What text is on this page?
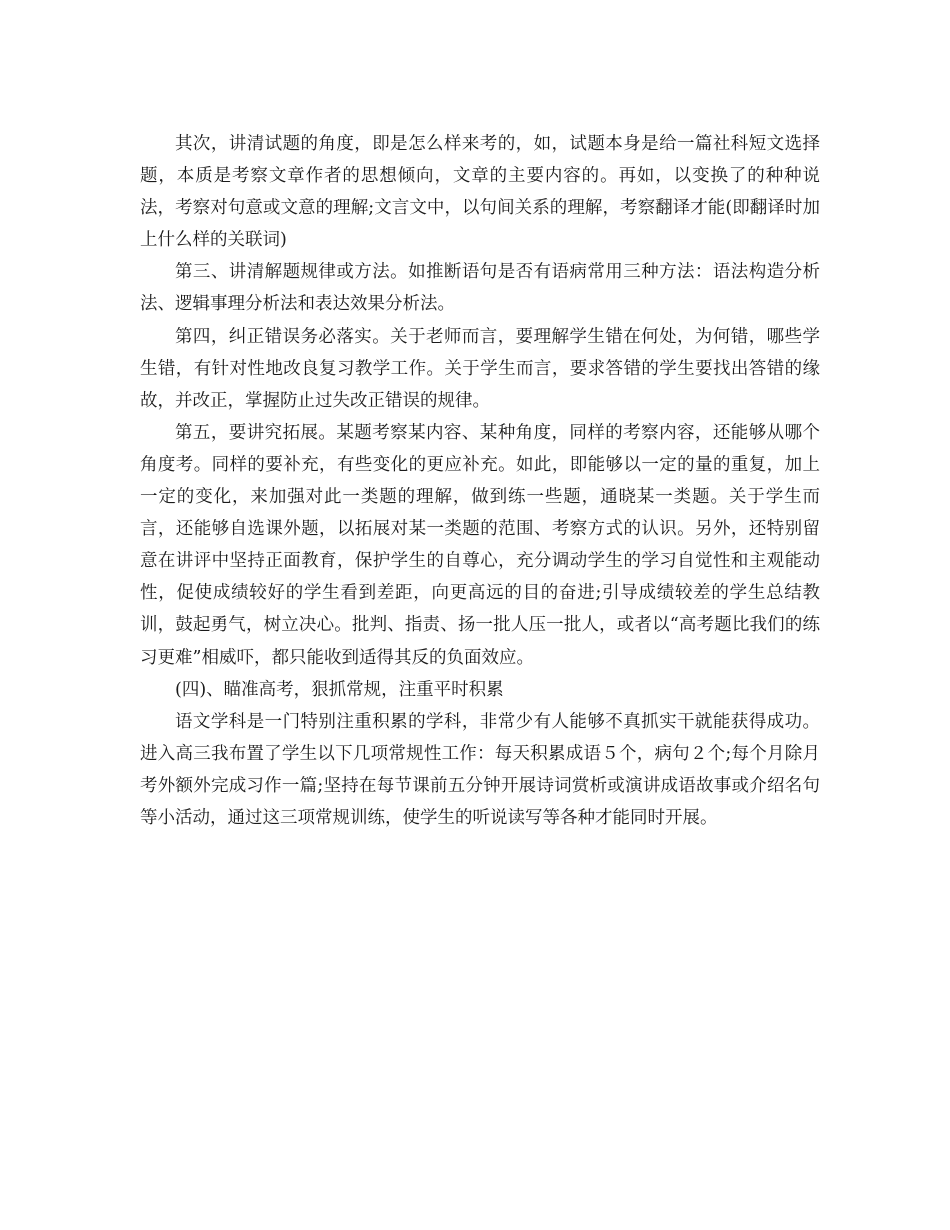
其次，讲清试题的角度，即是怎么样来考的，如，试题本身是给一篇社科短文选择题，本质是考察文章作者的思想倾向，文章的主要内容的。再如，以变换了的种种说法，考察对句意或文意的理解;文言文中，以句间关系的理解，考察翻译才能(即翻译时加上什么样的关联词)

第三、讲清解题规律或方法。如推断语句是否有语病常用三种方法：语法构造分析法、逻辑事理分析法和表达效果分析法。

第四，纠正错误务必落实。关于老师而言，要理解学生错在何处，为何错，哪些学生错，有针对性地改良复习教学工作。关于学生而言，要求答错的学生要找出答错的缘故，并改正，掌握防止过失改正错误的规律。

第五，要讲究拓展。某题考察某内容、某种角度，同样的考察内容，还能够从哪个角度考。同样的要补充，有些变化的更应补充。如此，即能够以一定的量的重复，加上一定的变化，来加强对此一类题的理解，做到练一些题，通晓某一类题。关于学生而言，还能够自选课外题，以拓展对某一类题的范围、考察方式的认识。另外，还特别留意在讲评中坚持正面教育，保护学生的自尊心，充分调动学生的学习自觉性和主观能动性，促使成绩较好的学生看到差距，向更高远的目的奋进;引导成绩较差的学生总结教训，鼓起勇气，树立决心。批判、指责、扬一批人压一批人，或者以“高考题比我们的练习更难”相威吓，都只能收到适得其反的负面效应。

(四)、瞄准高考，狠抓常规，注重平时积累

语文学科是一门特别注重积累的学科，非常少有人能够不真抓实干就能获得成功。进入高三我布置了学生以下几项常规性工作：每天积累成语５个，病句２个;每个月除月考外额外完成习作一篇;坚持在每节课前五分钟开展诗词赏析或演讲成语故事或介绍名句等小活动，通过这三项常规训练，使学生的听说读写等各种才能同时开展。
